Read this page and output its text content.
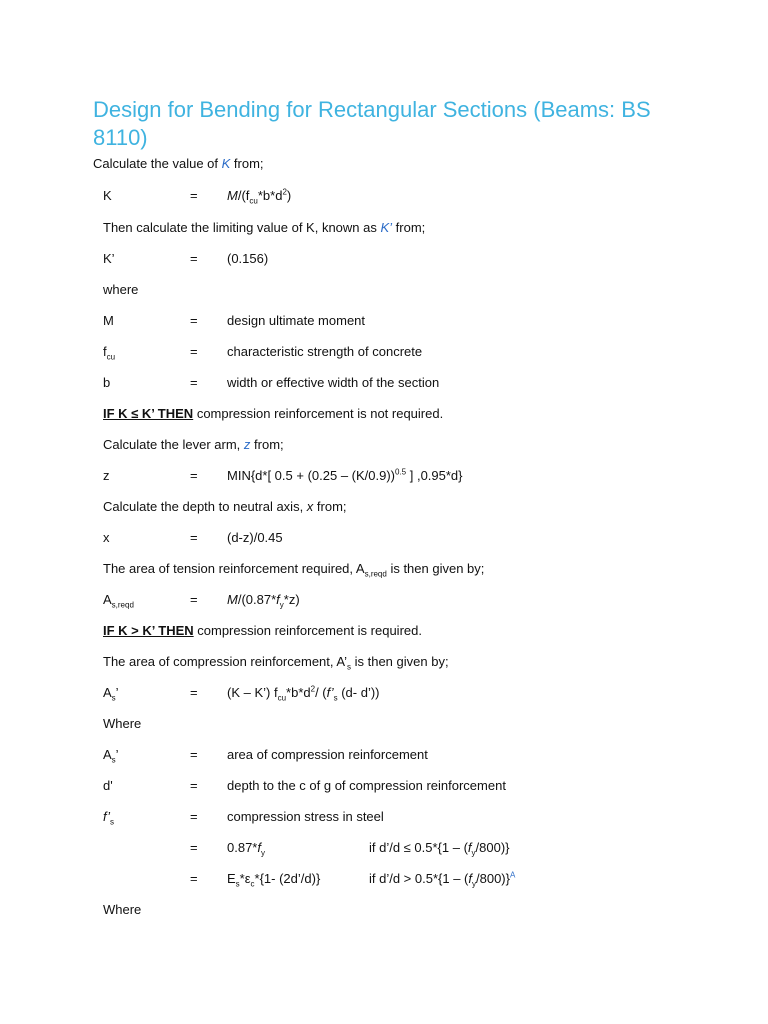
Design for Bending for Rectangular Sections (Beams: BS 8110)
Calculate the value of K from;
K	= $M/(f_{cu}*b*d^2)$
Then calculate the limiting value of K, known as K’ from;
K’	= (0.156)
where
M	= design ultimate moment
$f_{cu}$	= characteristic strength of concrete
b	= width or effective width of the section
IF K ≤ K’ THEN compression reinforcement is not required.
Calculate the lever arm, z from;
z	= MIN{d*[ 0.5 + (0.25 – (K/0.9))$^{0.5}$ ] ,0.95*d}
Calculate the depth to neutral axis, x from;
x	= (d-z)/0.45
The area of tension reinforcement required, $A_{s,reqd}$ is then given by;
$A_{s,reqd}$	= $M/(0.87*f_y*z)$
IF K > K’ THEN compression reinforcement is required.
The area of compression reinforcement, $A’_s$ is then given by;
$A_s$’	= (K – K’) $f_{cu}*b*d^2/$ ($f’_s$ (d- d’))
Where
$A_s$’	= area of compression reinforcement
d'	= depth to the c of g of compression reinforcement
$f’_s$	= compression stress in steel
= $0.87*f_y$	if d’/d ≤ $0.5*\{1 - (f_y/800)\}$
= $E_s*\varepsilon_c*\{1-$ (2d’/d)}	if d’/d > $0.5*\{1 - (f_y/800)\}^A$
Where
